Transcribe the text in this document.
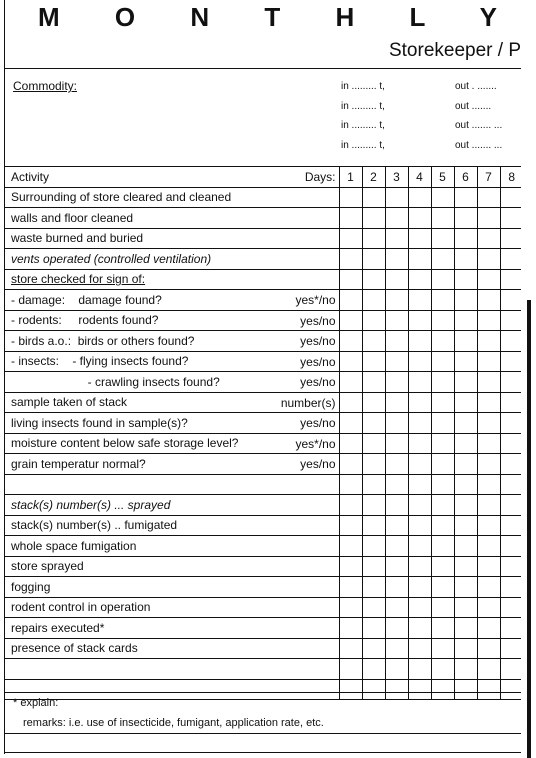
M O N T H L Y
Storekeeper / P
Commodity:	in ......... t,	out . .......
in ......... t,	out .......
in ......... t,	out ....... ...
in ......... t,	out ....... ...
Activity Days:	1	2	3	4	5	6	7	8
Surrounding of store cleared and cleaned								
walls and floor cleaned								
waste burned and buried								
vents operated (controlled ventilation)								
store checked for sign of:								
- damage:    damage found? yes*/no								

- rodents:     rodents found? yes/no								

- birds a.o.:  birds or others found? yes/no								

- insects:    - flying insects found? yes/no								

- crawling insects found? yes/no								

sample taken of stack number(s)								

living insects found in sample(s)? yes/no								

moisture content below safe storage level? yes*/no								

grain temperatur normal? yes/no								

stack(s) number(s) ... sprayed								
stack(s) number(s) .. fumigated								
whole space fumigation								
store sprayed								
fogging								
rodent control in operation								
repairs executed*								
presence of stack cards								

* explain:
remarks: i.e. use of insecticide, fumigant, application rate, etc.
